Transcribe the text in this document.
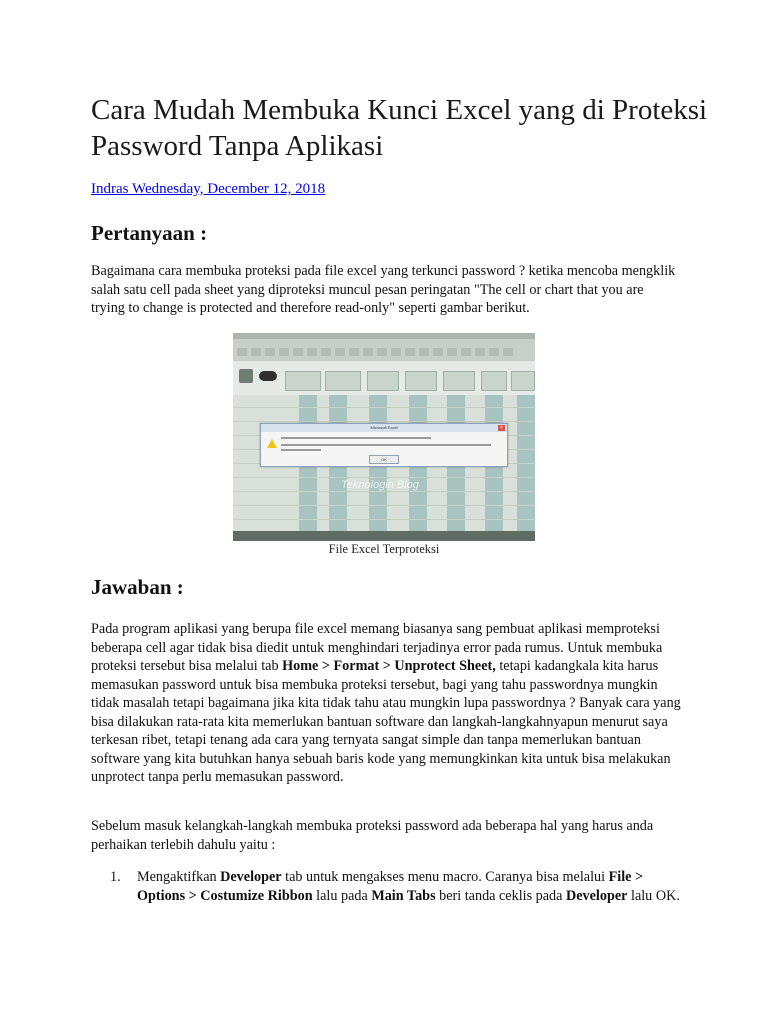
Cara Mudah Membuka Kunci Excel yang di Proteksi Password Tanpa Aplikasi
Indras Wednesday, December 12, 2018
Pertanyaan :

Bagaimana cara membuka proteksi pada file excel yang terkunci password ? ketika mencoba mengklik salah satu cell pada sheet yang diproteksi muncul pesan peringatan "The cell or chart that you are trying to change is protected and therefore read-only" seperti gambar berikut.

Microsoft Excel	×
OK
Teknologin Blog
File Excel Terproteksi
Jawaban :

Pada program aplikasi yang berupa file excel memang biasanya sang pembuat aplikasi memproteksi beberapa cell agar tidak bisa diedit untuk menghindari terjadinya error pada rumus. Untuk membuka proteksi tersebut bisa melalui tab Home > Format > Unprotect Sheet, tetapi kadangkala kita harus memasukan password untuk bisa membuka proteksi tersebut, bagi yang tahu passwordnya mungkin tidak masalah tetapi bagaimana jika kita tidak tahu atau mungkin lupa passwordnya ? Banyak cara yang bisa dilakukan rata-rata kita memerlukan bantuan software dan langkah-langkahnyapun menurut saya terkesan ribet, tetapi tenang ada cara yang ternyata sangat simple dan tanpa memerlukan bantuan software yang kita butuhkan hanya sebuah baris kode yang memungkinkan kita untuk bisa melakukan unprotect tanpa perlu memasukan password.

Sebelum masuk kelangkah-langkah membuka proteksi password ada beberapa hal yang harus anda perhaikan terlebih dahulu yaitu :

1. Mengaktifkan Developer tab untuk mengakses menu macro. Caranya bisa melalui File > Options > Costumize Ribbon lalu pada Main Tabs beri tanda ceklis pada Developer lalu OK.
